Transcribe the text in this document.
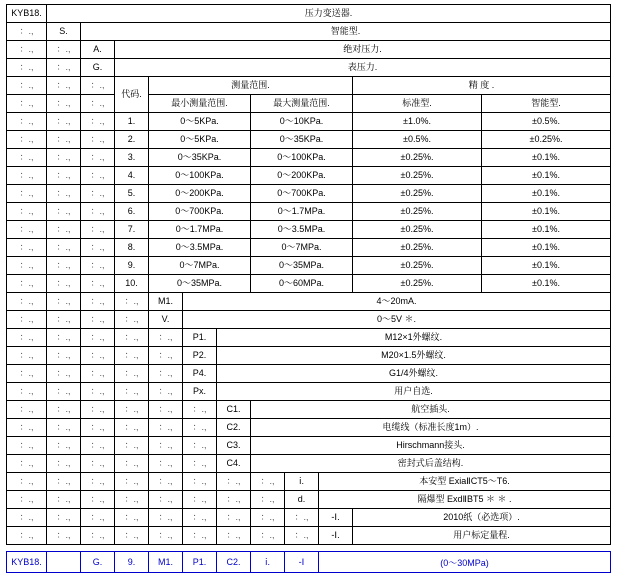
KYB18.	压力变送器.										
：.,	S.	智能型.									
：.,	：.,	A.	绝对压力.								
：.,	：.,	G.	表压力.								
：.,	：.,	：.,	代码.	测量范围.						精 度 .	
：.,	：.,	：.,		最小测量范围.			最大测量范围.			标准型.	智能型.
：.,	：.,	：.,	1.	0～5KPa.			0～10KPa.			±1.0%.	±0.5%.
：.,	：.,	：.,	2.	0～5KPa.			0～35KPa.			±0.5%.	±0.25%.
：.,	：.,	：.,	3.	0～35KPa.			0～100KPa.			±0.25%.	±0.1%.
：.,	：.,	：.,	4.	0～100KPa.			0～200KPa.			±0.25%.	±0.1%.
：.,	：.,	：.,	5.	0～200KPa.			0～700KPa.			±0.25%.	±0.1%.
：.,	：.,	：.,	6.	0～700KPa.			0～1.7MPa.			±0.25%.	±0.1%.
：.,	：.,	：.,	7.	0～1.7MPa.			0～3.5MPa.			±0.25%.	±0.1%.
：.,	：.,	：.,	8.	0～3.5MPa.			0～7MPa.			±0.25%.	±0.1%.
：.,	：.,	：.,	9.	0～7MPa.			0～35MPa.			±0.25%.	±0.1%.
：.,	：.,	：.,	10.	0～35MPa.			0～60MPa.			±0.25%.	±0.1%.
：.,	：.,	：.,	：.,	M1.	4～20mA.						
：.,	：.,	：.,	：.,	V.	0～5V ＊.						
：.,	：.,	：.,	：.,	：.,	P1.	M12×1外螺纹.					
：.,	：.,	：.,	：.,	：.,	P2.	M20×1.5外螺纹.					
：.,	：.,	：.,	：.,	：.,	P4.	G1/4外螺纹.					
：.,	：.,	：.,	：.,	：.,	Px.	用户自选.					
：.,	：.,	：.,	：.,	：.,	：.,	C1.	航空插头.				
：.,	：.,	：.,	：.,	：.,	：.,	C2.	电缆线（标准长度1m）.				
：.,	：.,	：.,	：.,	：.,	：.,	C3.	Hirschmann接头.				
：.,	：.,	：.,	：.,	：.,	：.,	C4.	密封式后盖结构.				
：.,	：.,	：.,	：.,	：.,	：.,	：.,	：.,	ⅰ.	本安型 ExiaⅡCT5～T6.		
：.,	：.,	：.,	：.,	：.,	：.,	：.,	：.,	d.	隔爆型 ExdⅡBT5 ＊ ＊ .		
：.,	：.,	：.,	：.,	：.,	：.,	：.,	：.,	：.,	-Ⅰ.	2010纸（必选项）.	
：.,	：.,	：.,	：.,	：.,	：.,	：.,	：.,	：.,	-Ⅰ.	用户标定量程.	
KYB18.		G.	9.	M1.	P1.	C2.	ⅰ.	-Ⅰ	(0～30MPa)
